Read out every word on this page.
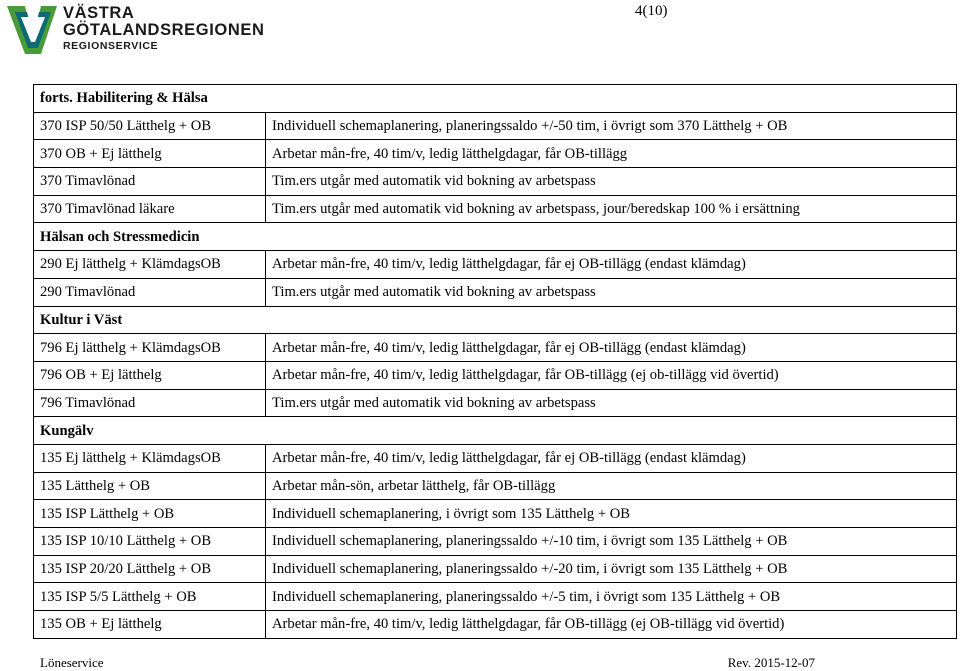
VÄSTRA
GÖTALANDSREGIONEN
REGIONSERVICE
4(10)
forts. Habilitering & Hälsa	
370 ISP 50/50 Lätthelg + OB	Individuell schemaplanering, planeringssaldo +/-50 tim, i övrigt som 370 Lätthelg + OB
370 OB + Ej lätthelg	Arbetar mån-fre, 40 tim/v, ledig lätthelgdagar, får OB-tillägg
370 Timavlönad	Tim.ers utgår med automatik vid bokning av arbetspass
370 Timavlönad läkare	Tim.ers utgår med automatik vid bokning av arbetspass, jour/beredskap 100 % i ersättning
Hälsan och Stressmedicin	
290 Ej lätthelg + KlämdagsOB	Arbetar mån-fre, 40 tim/v, ledig lätthelgdagar, får ej OB-tillägg (endast klämdag)
290 Timavlönad	Tim.ers utgår med automatik vid bokning av arbetspass
Kultur i Väst	
796 Ej lätthelg + KlämdagsOB	Arbetar mån-fre, 40 tim/v, ledig lätthelgdagar, får ej OB-tillägg (endast klämdag)
796 OB + Ej lätthelg	Arbetar mån-fre, 40 tim/v, ledig lätthelgdagar, får OB-tillägg (ej ob-tillägg vid övertid)
796 Timavlönad	Tim.ers utgår med automatik vid bokning av arbetspass
Kungälv	
135 Ej lätthelg + KlämdagsOB	Arbetar mån-fre, 40 tim/v, ledig lätthelgdagar, får ej OB-tillägg (endast klämdag)
135 Lätthelg + OB	Arbetar mån-sön, arbetar lätthelg, får OB-tillägg
135 ISP Lätthelg + OB	Individuell schemaplanering, i övrigt som 135 Lätthelg + OB
135 ISP 10/10 Lätthelg + OB	Individuell schemaplanering, planeringssaldo +/-10 tim, i övrigt som 135 Lätthelg + OB
135 ISP 20/20 Lätthelg + OB	Individuell schemaplanering, planeringssaldo +/-20 tim, i övrigt som 135 Lätthelg + OB
135 ISP 5/5 Lätthelg + OB	Individuell schemaplanering, planeringssaldo +/-5 tim, i övrigt som 135 Lätthelg + OB
135 OB + Ej lätthelg	Arbetar mån-fre, 40 tim/v, ledig lätthelgdagar, får OB-tillägg (ej OB-tillägg vid övertid)
Löneservice	Rev. 2015-12-07
